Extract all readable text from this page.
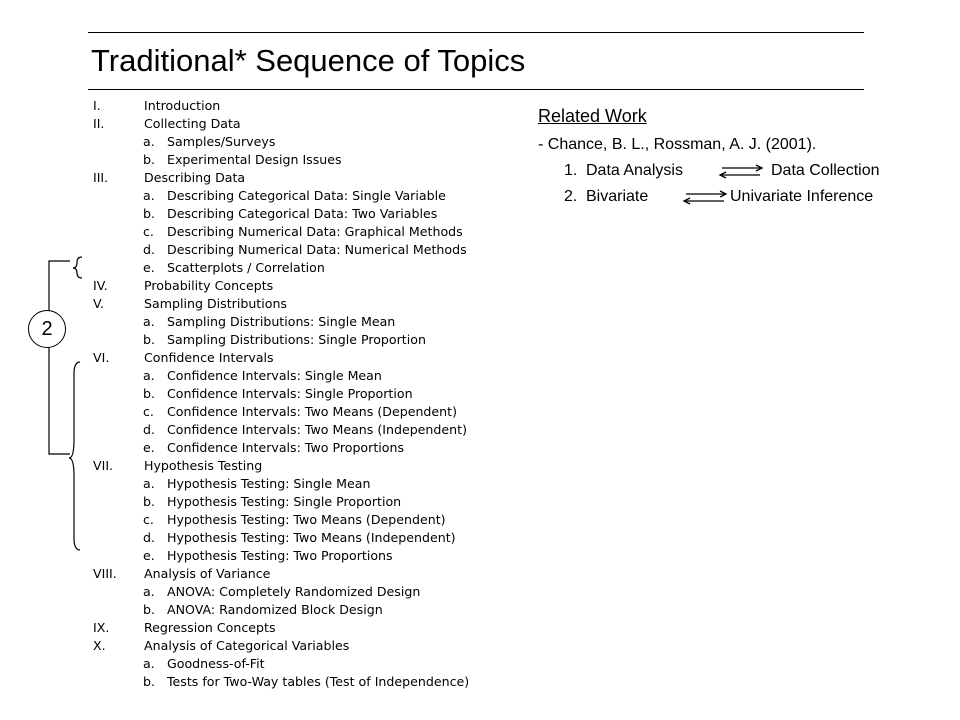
Traditional* Sequence of Topics
I.	Introduction
II.	Collecting Data
a. Samples/Surveys
b. Experimental Design Issues
III.	Describing Data
a. Describing Categorical Data: Single Variable
b. Describing Categorical Data: Two Variables
c. Describing Numerical Data: Graphical Methods
d. Describing Numerical Data: Numerical Methods
e. Scatterplots / Correlation
IV.	Probability Concepts
V.	Sampling Distributions
a. Sampling Distributions: Single Mean
b. Sampling Distributions: Single Proportion
VI.	Confidence Intervals
a. Confidence Intervals: Single Mean
b. Confidence Intervals: Single Proportion
c. Confidence Intervals: Two Means (Dependent)
d. Confidence Intervals: Two Means (Independent)
e. Confidence Intervals: Two Proportions
VII. Hypothesis Testing
a. Hypothesis Testing: Single Mean
b. Hypothesis Testing: Single Proportion
c. Hypothesis Testing: Two Means (Dependent)
d. Hypothesis Testing: Two Means (Independent)
e. Hypothesis Testing: Two Proportions
VIII. Analysis of Variance
a. ANOVA: Completely Randomized Design
b. ANOVA: Randomized Block Design
IX.	Regression Concepts
X.	Analysis of Categorical Variables
a. Goodness-of-Fit
b. Tests for Two-Way tables (Test of Independence)
Related Work
- Chance, B. L., Rossman, A. J. (2001).
1. Data Analysis	Data Collection
2. Bivariate	Univariate Inference
2
